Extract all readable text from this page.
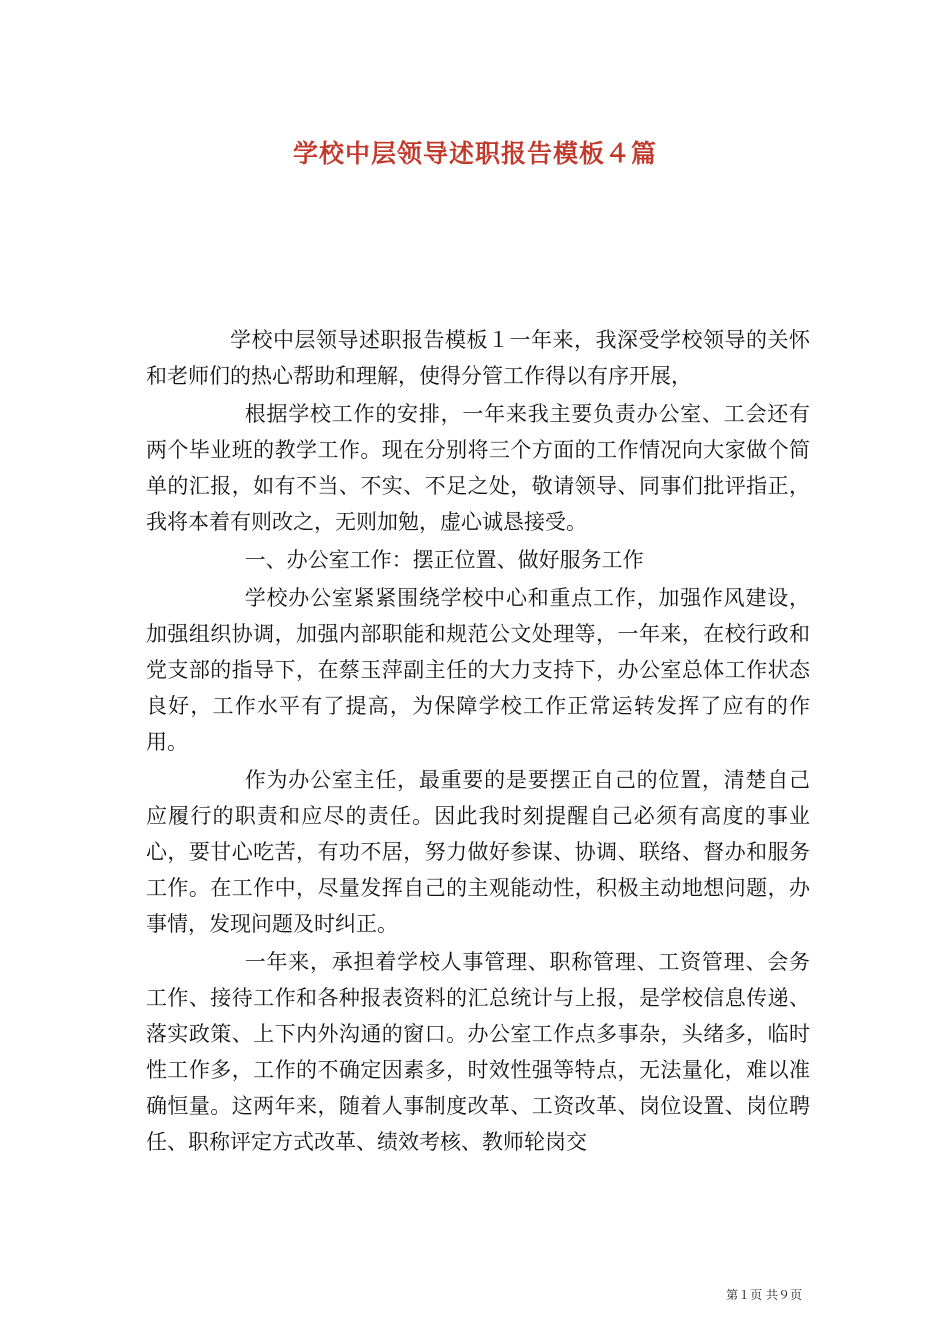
学校中层领导述职报告模板４篇

学校中层领导述职报告模板１一年来，我深受学校领导的关怀和老师们的热心帮助和理解，使得分管工作得以有序开展，

根据学校工作的安排，一年来我主要负责办公室、工会还有两个毕业班的教学工作。现在分别将三个方面的工作情况向大家做个简单的汇报，如有不当、不实、不足之处，敬请领导、同事们批评指正，我将本着有则改之，无则加勉，虚心诚恳接受。

一、办公室工作：摆正位置、做好服务工作

学校办公室紧紧围绕学校中心和重点工作，加强作风建设，加强组织协调，加强内部职能和规范公文处理等，一年来，在校行政和党支部的指导下，在蔡玉萍副主任的大力支持下，办公室总体工作状态良好，工作水平有了提高，为保障学校工作正常运转发挥了应有的作用。

作为办公室主任，最重要的是要摆正自己的位置，清楚自己应履行的职责和应尽的责任。因此我时刻提醒自己必须有高度的事业心，要甘心吃苦，有功不居，努力做好参谋、协调、联络、督办和服务工作。在工作中，尽量发挥自己的主观能动性，积极主动地想问题，办事情，发现问题及时纠正。

一年来，承担着学校人事管理、职称管理、工资管理、会务工作、接待工作和各种报表资料的汇总统计与上报，是学校信息传递、落实政策、上下内外沟通的窗口。办公室工作点多事杂，头绪多，临时性工作多，工作的不确定因素多，时效性强等特点，无法量化，难以准确恒量。这两年来，随着人事制度改革、工资改革、岗位设置、岗位聘任、职称评定方式改革、绩效考核、教师轮岗交

第１页 共９页
